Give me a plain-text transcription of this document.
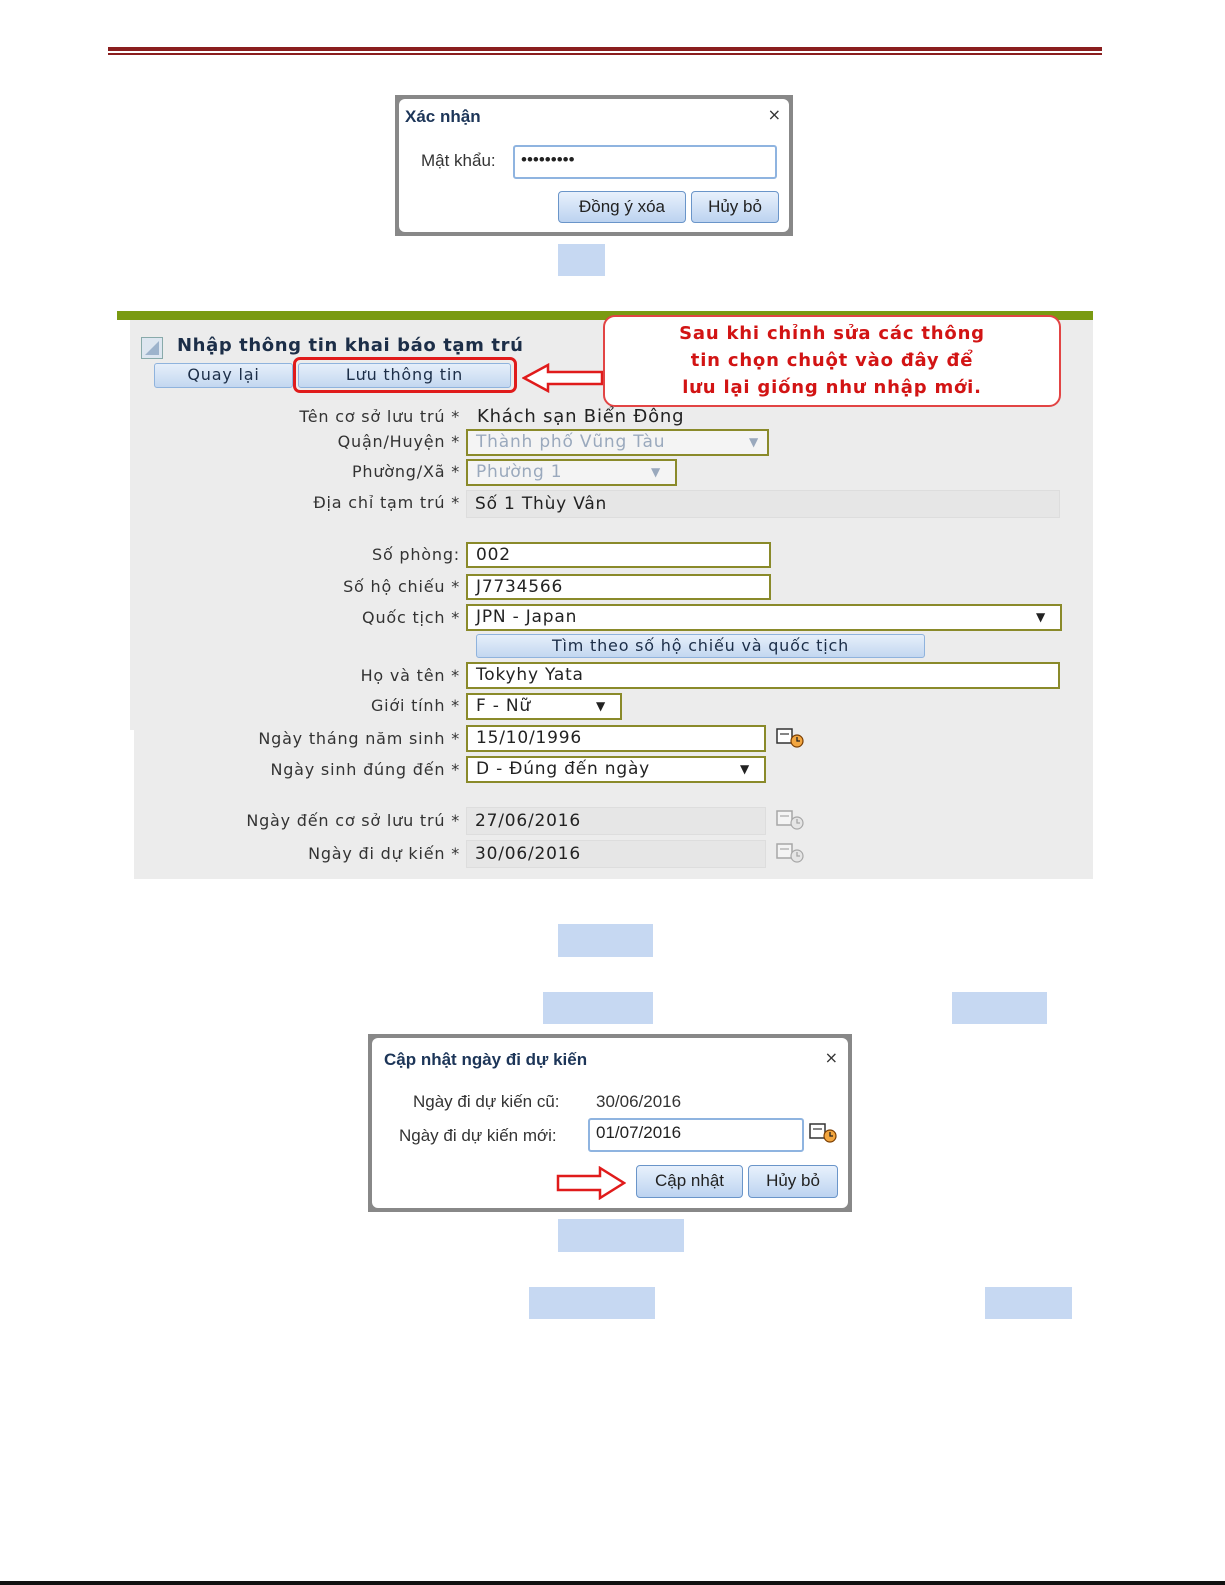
Xác nhận	×
Mật khẩu:	•••••••••
Đồng ý xóa	Hủy bỏ
Nhập thông tin khai báo tạm trú
Quay lại	Lưu thông tin
Sau khi chỉnh sửa các thông
tin chọn chuột vào đây để
lưu lại giống như nhập mới.
Tên cơ sở lưu trú * Khách sạn Biển Đông
Quận/Huyện * Thành phố Vũng Tàu	▼
Phường/Xã * Phường 1	▼
Địa chỉ tạm trú * Số 1 Thùy Vân
Số phòng: 002
Số hộ chiếu * J7734566
Quốc tịch * JPN - Japan	▼
Tìm theo số hộ chiếu và quốc tịch
Họ và tên * Tokyhy Yata
Giới tính * F - Nữ	▼
Ngày tháng năm sinh * 15/10/1996
Ngày sinh đúng đến * D - Đúng đến ngày	▼
Ngày đến cơ sở lưu trú * 27/06/2016
Ngày đi dự kiến * 30/06/2016
Cập nhật ngày đi dự kiến	×
Ngày đi dự kiến cũ: 30/06/2016
Ngày đi dự kiến mới:	01/07/2016
Cập nhật	Hủy bỏ
